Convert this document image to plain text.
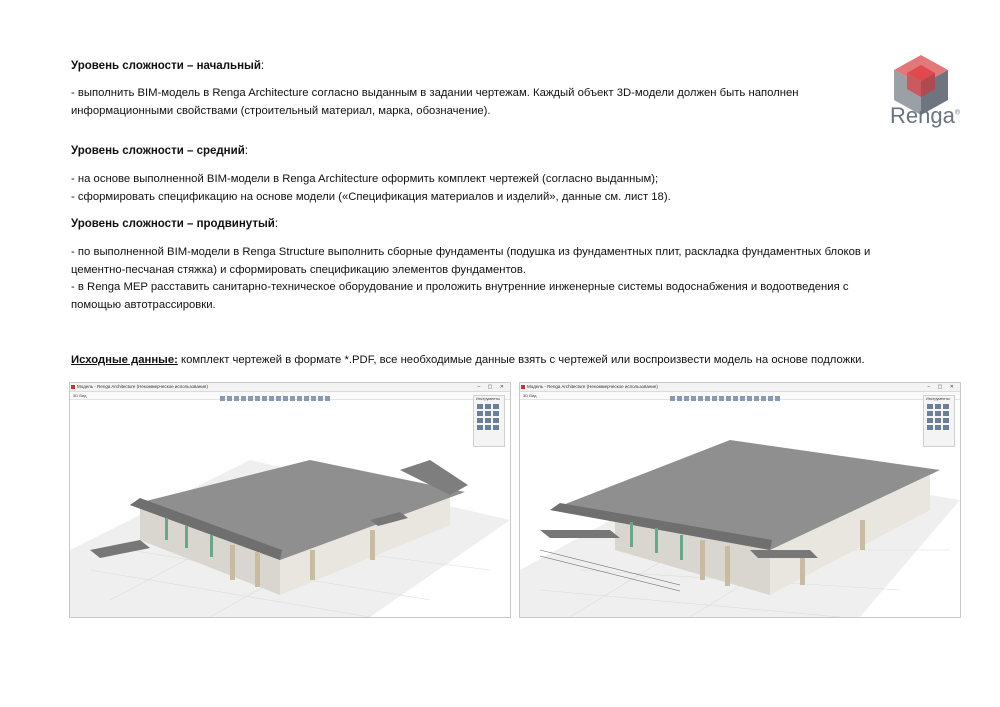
Уровень сложности – начальный:
- выполнить BIM-модель в Renga Architecture согласно выданным в задании чертежам. Каждый объект 3D-модели должен быть наполнен
информационными свойствами (строительный материал, марка, обозначение).
Уровень сложности – средний:
- на основе выполненной BIM-модели в Renga Architecture оформить комплект чертежей (согласно выданным);
- сформировать спецификацию на основе модели («Спецификация материалов и изделий», данные см. лист 18).
Уровень сложности – продвинутый:
- по выполненной BIM-модели в Renga Structure выполнить сборные фундаменты (подушка из фундаментных плит, раскладка фундаментных блоков и
цементно-песчаная стяжка) и сформировать спецификацию элементов фундаментов.
- в Renga MEP расставить санитарно-техническое оборудование и проложить внутренние инженерные системы водоснабжения и водоотведения с
помощью автотрассировки.
Исходные данные: комплект чертежей в формате *.PDF, все необходимые данные взять с чертежей или воспроизвести модель на основе подложки.
Renga®
Модель - Renga Architecture (Некоммерческое использование)	– ▢ ✕
3D Вид
Инструменты
Модель - Renga Architecture (Некоммерческое использование)	– ▢ ✕
3D Вид
Инструменты
